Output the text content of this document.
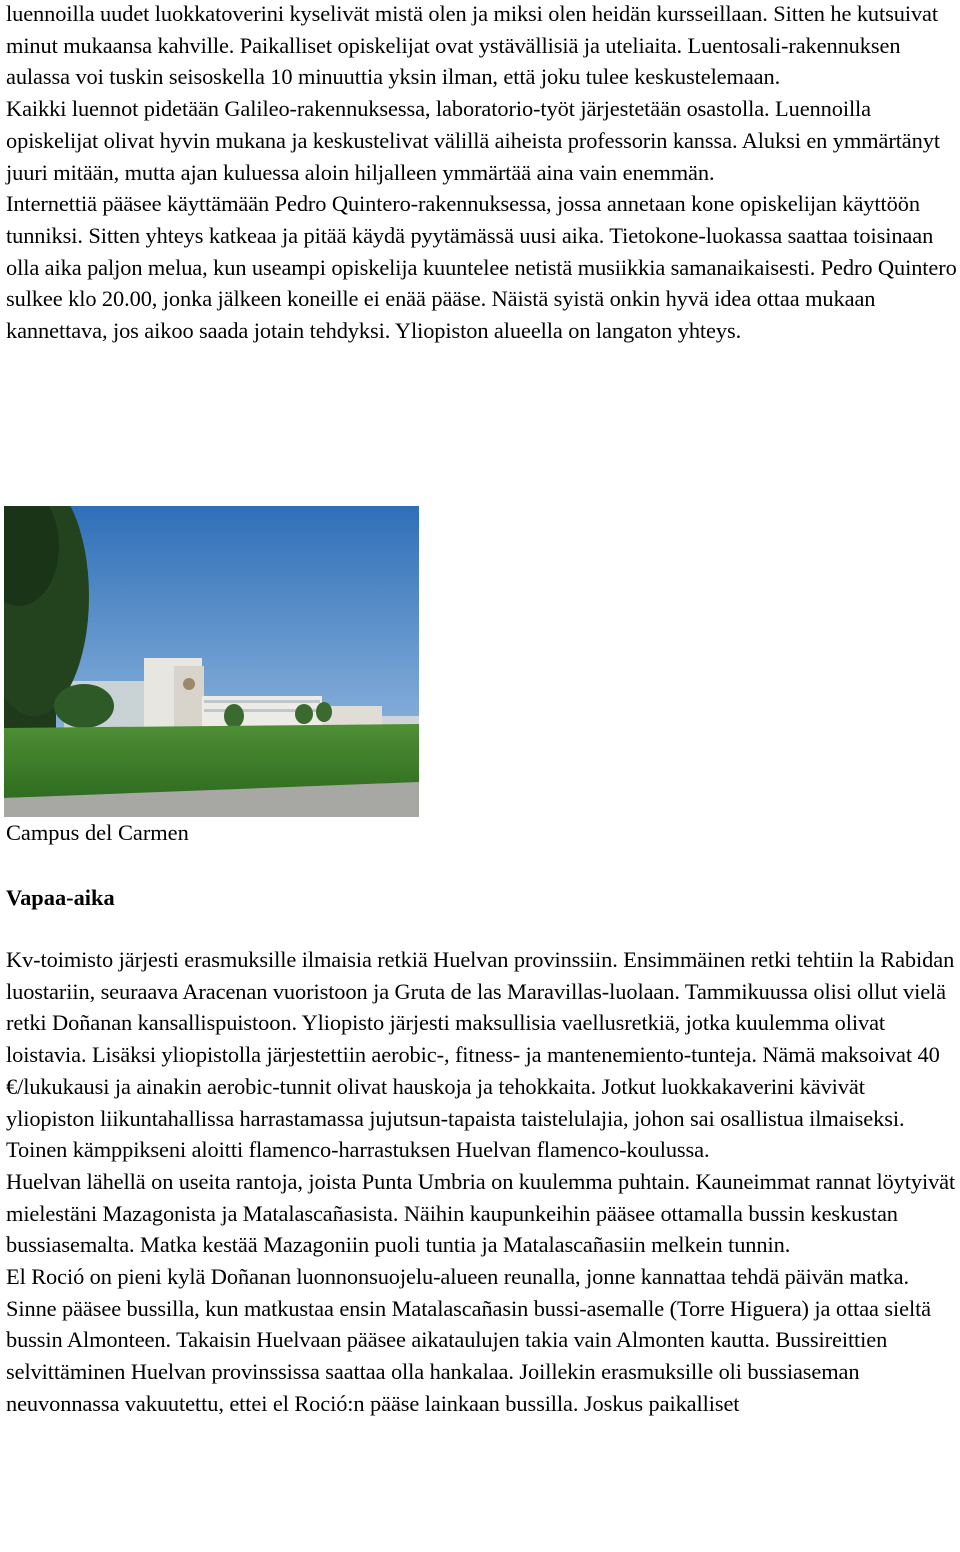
luennoilla uudet luokkatoverini kyselivät mistä olen ja miksi olen heidän kursseillaan. Sitten he kutsuivat minut mukaansa kahville. Paikalliset opiskelijat ovat ystävällisiä ja uteliaita. Luentosali-rakennuksen aulassa voi tuskin seisoskella 10 minuuttia yksin ilman, että joku tulee keskustelemaan.

Kaikki luennot pidetään Galileo-rakennuksessa, laboratorio-työt järjestetään osastolla. Luennoilla opiskelijat olivat hyvin mukana ja keskustelivat välillä aiheista professorin kanssa. Aluksi en ymmärtänyt juuri mitään, mutta ajan kuluessa aloin hiljalleen ymmärtää aina vain enemmän.

Internettiä pääsee käyttämään Pedro Quintero-rakennuksessa, jossa annetaan kone opiskelijan käyttöön tunniksi. Sitten yhteys katkeaa ja pitää käydä pyytämässä uusi aika. Tietokone-luokassa saattaa toisinaan olla aika paljon melua, kun useampi opiskelija kuuntelee netistä musiikkia samanaikaisesti. Pedro Quintero sulkee klo 20.00, jonka jälkeen koneille ei enää pääse. Näistä syistä onkin hyvä idea ottaa mukaan kannettava, jos aikoo saada jotain tehdyksi. Yliopiston alueella on langaton yhteys.

Campus del Carmen

Vapaa-aika

Kv-toimisto järjesti erasmuksille ilmaisia retkiä Huelvan provinssiin. Ensimmäinen retki tehtiin la Rabidan luostariin, seuraava Aracenan vuoristoon ja Gruta de las Maravillas-luolaan. Tammikuussa olisi ollut vielä retki Doñanan kansallispuistoon. Yliopisto järjesti maksullisia vaellusretkiä, jotka kuulemma olivat loistavia. Lisäksi yliopistolla järjestettiin aerobic-, fitness- ja mantenemiento-tunteja. Nämä maksoivat 40 €/lukukausi ja ainakin aerobic-tunnit olivat hauskoja ja tehokkaita. Jotkut luokkakaverini kävivät yliopiston liikuntahallissa harrastamassa jujutsun-tapaista taistelulajia, johon sai osallistua ilmaiseksi. Toinen kämppikseni aloitti flamenco-harrastuksen Huelvan flamenco-koulussa.

Huelvan lähellä on useita rantoja, joista Punta Umbria on kuulemma puhtain. Kauneimmat rannat löytyivät mielestäni Mazagonista ja Matalascañasista. Näihin kaupunkeihin pääsee ottamalla bussin keskustan bussiasemalta. Matka kestää Mazagoniin puoli tuntia ja Matalascañasiin melkein tunnin.

El Roció on pieni kylä Doñanan luonnonsuojelu-alueen reunalla, jonne kannattaa tehdä päivän matka. Sinne pääsee bussilla, kun matkustaa ensin Matalascañasin bussi-asemalle (Torre Higuera) ja ottaa sieltä bussin Almonteen. Takaisin Huelvaan pääsee aikataulujen takia vain Almonten kautta. Bussireittien selvittäminen Huelvan provinssissa saattaa olla hankalaa. Joillekin erasmuksille oli bussiaseman neuvonnassa vakuutettu, ettei el Roció:n pääse lainkaan bussilla. Joskus paikalliset
